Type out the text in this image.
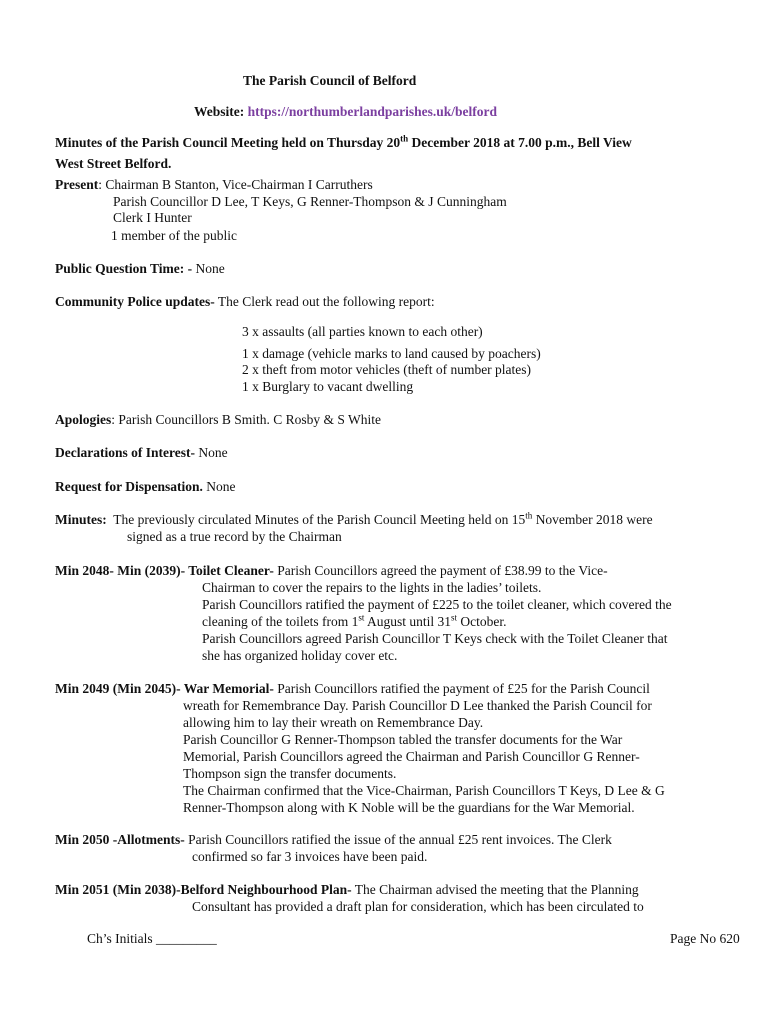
The Parish Council of Belford
Website: https://northumberlandparishes.uk/belford
Minutes of the Parish Council Meeting held on Thursday 20th December 2018 at 7.00 p.m., Bell View
West Street Belford.
Present: Chairman B Stanton, Vice-Chairman I Carruthers
Parish Councillor D Lee, T Keys, G Renner-Thompson & J Cunningham
Clerk I Hunter
1 member of the public
Public Question Time: - None
Community Police updates- The Clerk read out the following report:
3 x assaults (all parties known to each other)
1 x damage (vehicle marks to land caused by poachers)
2 x theft from motor vehicles (theft of number plates)
1 x Burglary to vacant dwelling
Apologies: Parish Councillors B Smith. C Rosby & S White
Declarations of Interest- None
Request for Dispensation. None
Minutes:  The previously circulated Minutes of the Parish Council Meeting held on 15th November 2018 were
signed as a true record by the Chairman
Min 2048- Min (2039)- Toilet Cleaner- Parish Councillors agreed the payment of £38.99 to the Vice-
Chairman to cover the repairs to the lights in the ladies’ toilets.
Parish Councillors ratified the payment of £225 to the toilet cleaner, which covered the
cleaning of the toilets from 1st August until 31st October.
Parish Councillors agreed Parish Councillor T Keys check with the Toilet Cleaner that
she has organized holiday cover etc.
Min 2049 (Min 2045)- War Memorial- Parish Councillors ratified the payment of £25 for the Parish Council
wreath for Remembrance Day. Parish Councillor D Lee thanked the Parish Council for
allowing him to lay their wreath on Remembrance Day.
Parish Councillor G Renner-Thompson tabled the transfer documents for the War
Memorial, Parish Councillors agreed the Chairman and Parish Councillor G Renner-
Thompson sign the transfer documents.
The Chairman confirmed that the Vice-Chairman, Parish Councillors T Keys, D Lee & G
Renner-Thompson along with K Noble will be the guardians for the War Memorial.
Min 2050 -Allotments- Parish Councillors ratified the issue of the annual £25 rent invoices. The Clerk
confirmed so far 3 invoices have been paid.
Min 2051 (Min 2038)-Belford Neighbourhood Plan- The Chairman advised the meeting that the Planning
Consultant has provided a draft plan for consideration, which has been circulated to
Ch’s Initials _________	Page No 620
